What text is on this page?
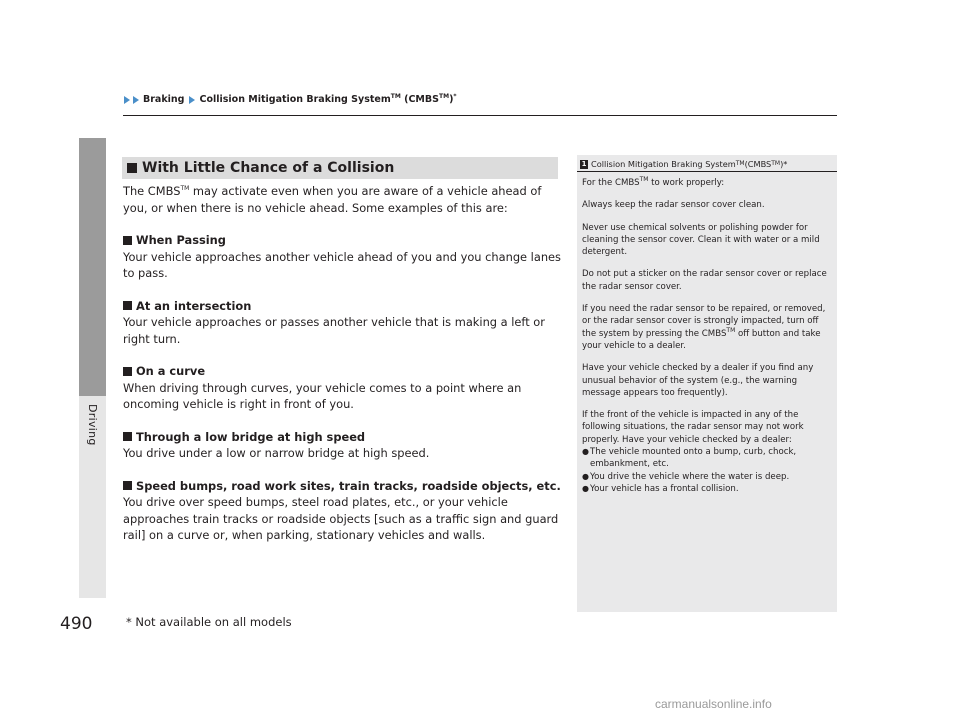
Driving
Braking Collision Mitigation Braking System™ (CMBS™)*
With Little Chance of a Collision

The CMBS™ may activate even when you are aware of a vehicle ahead of you, or when there is no vehicle ahead. Some examples of this are:

When Passing

Your vehicle approaches another vehicle ahead of you and you change lanes to pass.

At an intersection

Your vehicle approaches or passes another vehicle that is making a left or right turn.

On a curve

When driving through curves, your vehicle comes to a point where an oncoming vehicle is right in front of you.

Through a low bridge at high speed

You drive under a low or narrow bridge at high speed.

Speed bumps, road work sites, train tracks, roadside objects, etc.

You drive over speed bumps, steel road plates, etc., or your vehicle approaches train tracks or roadside objects [such as a traffic sign and guard rail] on a curve or, when parking, stationary vehicles and walls.

1 Collision Mitigation Braking System TM (CMBS TM )*

For the CMBS™ to work properly:

Always keep the radar sensor cover clean.

Never use chemical solvents or polishing powder for cleaning the sensor cover. Clean it with water or a mild detergent.

Do not put a sticker on the radar sensor cover or replace the radar sensor cover.

If you need the radar sensor to be repaired, or removed, or the radar sensor cover is strongly impacted, turn off the system by pressing the CMBS™ off button and take your vehicle to a dealer.

Have your vehicle checked by a dealer if you find any unusual behavior of the system (e.g., the warning message appears too frequently).

If the front of the vehicle is impacted in any of the following situations, the radar sensor may not work properly. Have your vehicle checked by a dealer:

● The vehicle mounted onto a bump, curb, chock, embankment, etc.
● You drive the vehicle where the water is deep.
● Your vehicle has a frontal collision.
490	* Not available on all models
carmanualsonline.info
